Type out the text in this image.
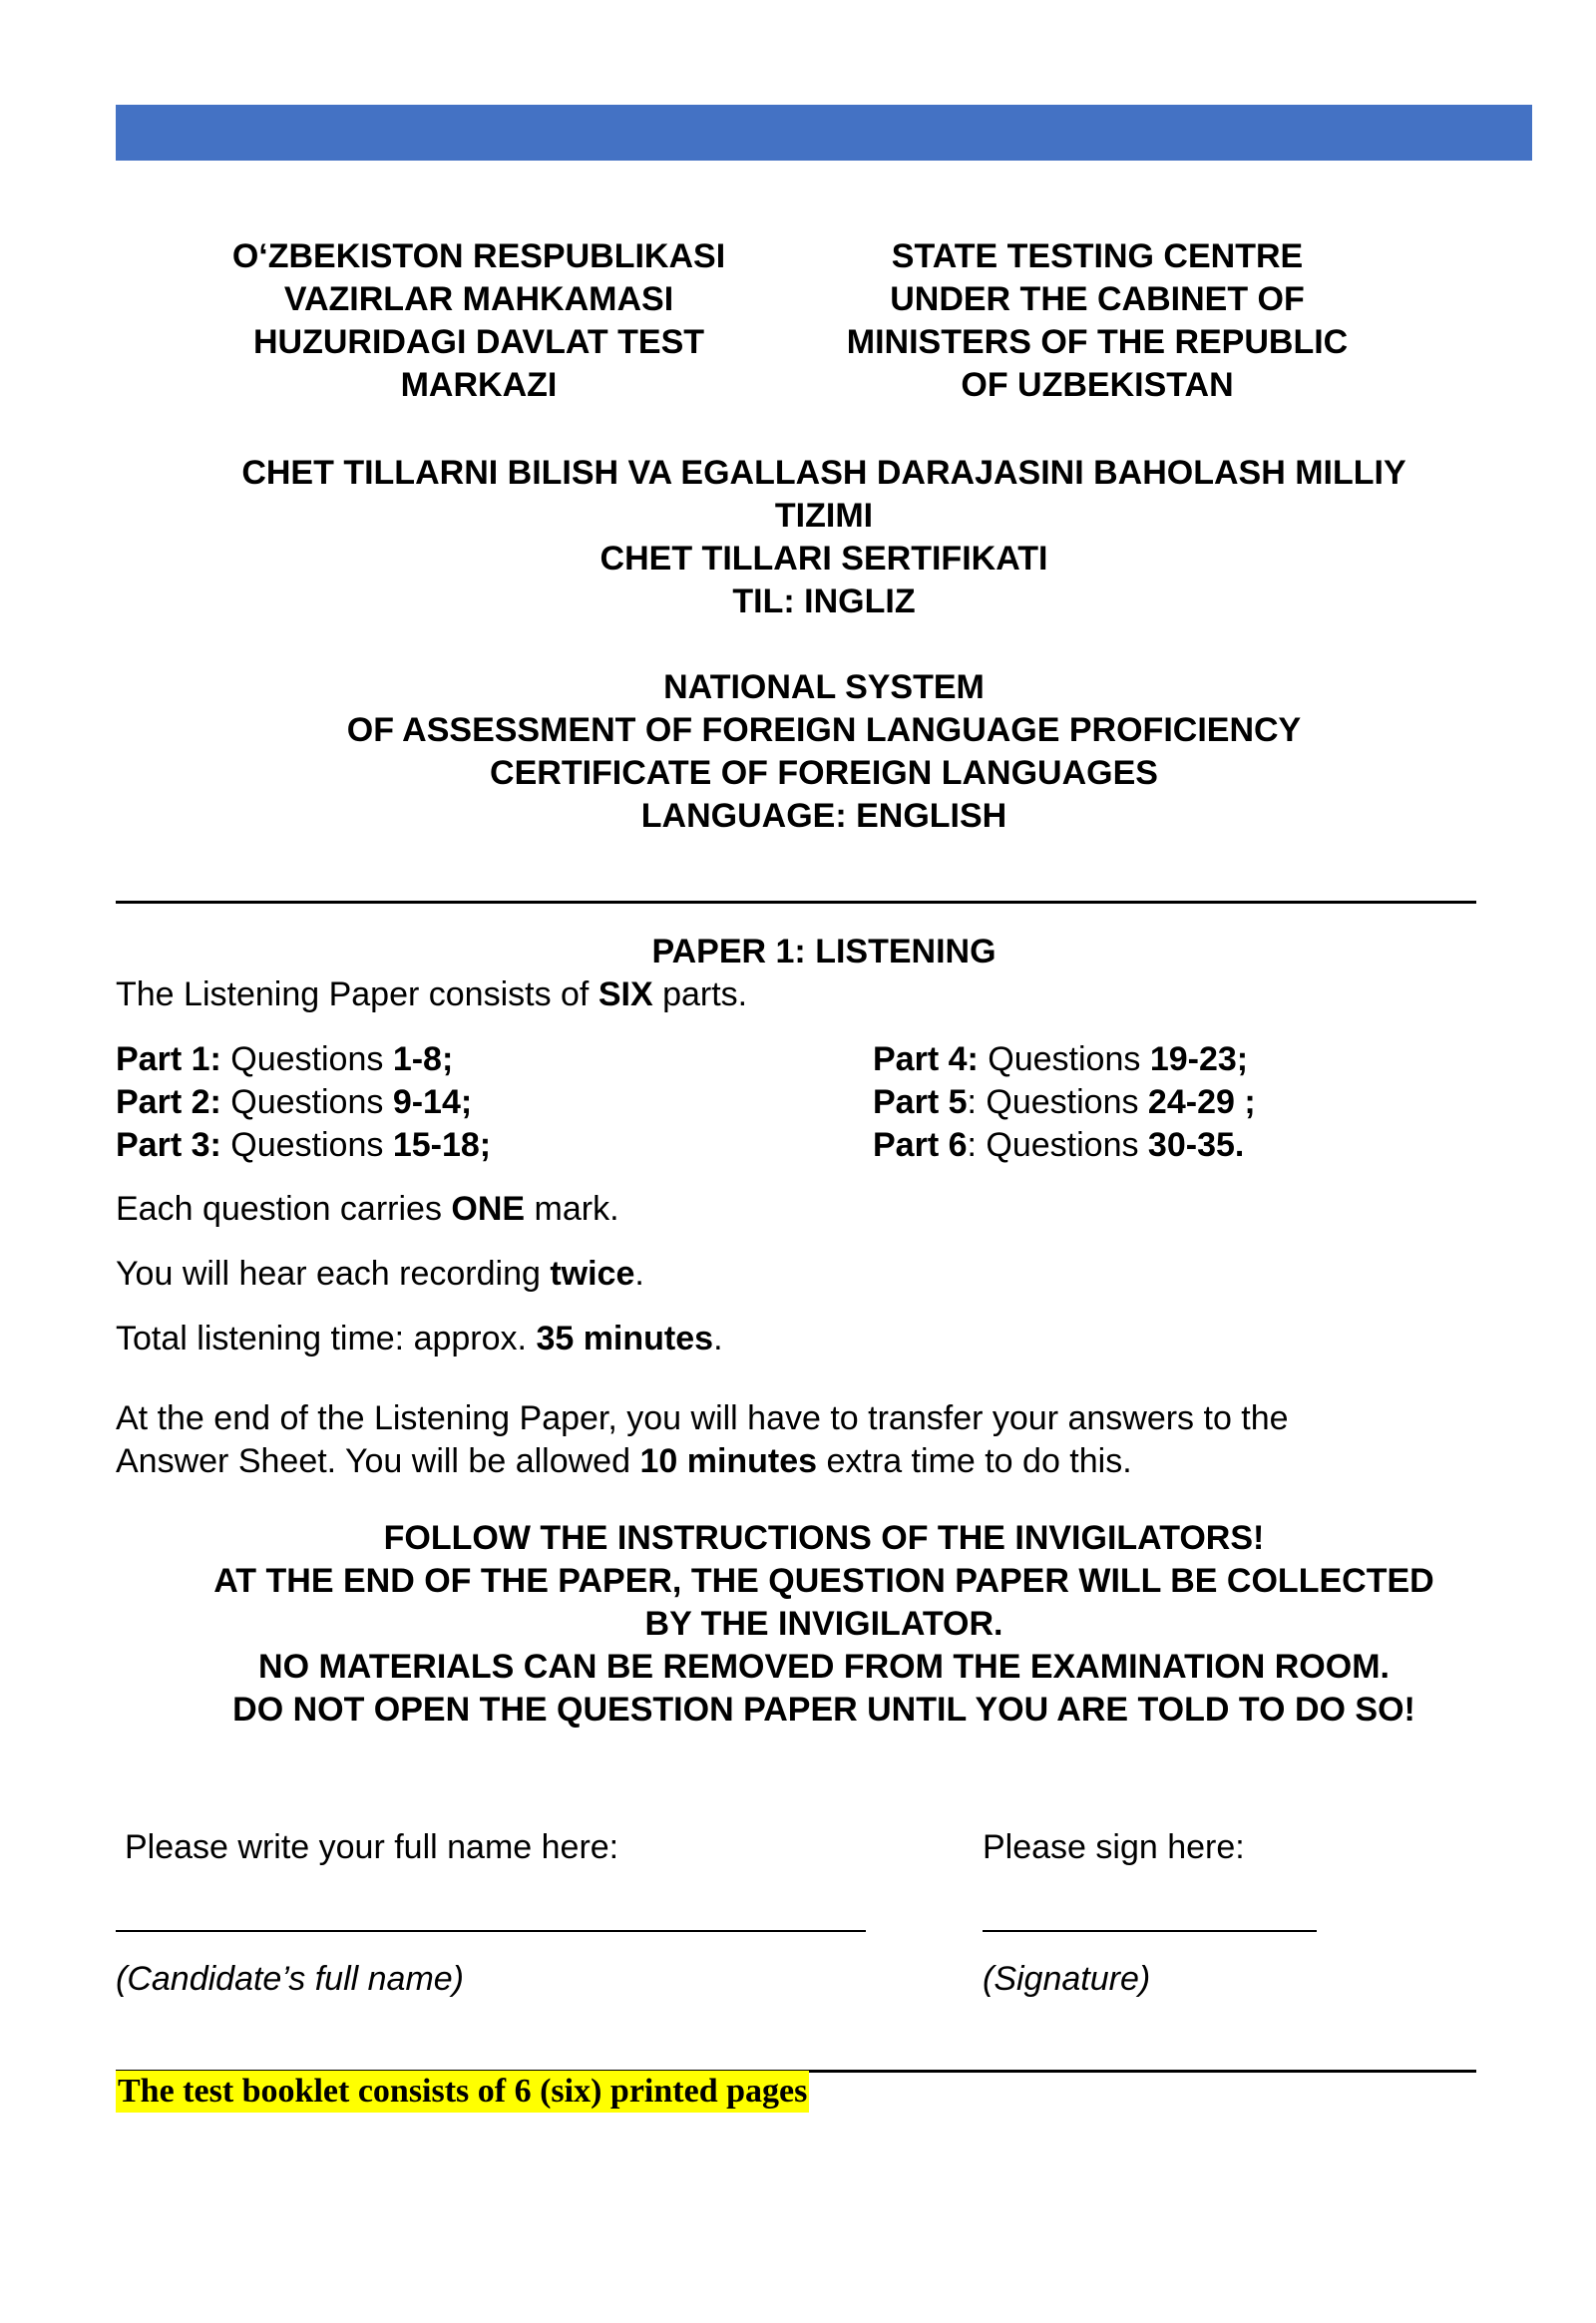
O‘ZBEKISTON RESPUBLIKASI
VAZIRLAR MAHKAMASI
HUZURIDAGI DAVLAT TEST
MARKAZI
STATE TESTING CENTRE
UNDER THE CABINET OF
MINISTERS OF THE REPUBLIC
OF UZBEKISTAN
CHET TILLARNI BILISH VA EGALLASH DARAJASINI BAHOLASH MILLIY
TIZIMI
CHET TILLARI SERTIFIKATI
TIL: INGLIZ
NATIONAL SYSTEM
OF ASSESSMENT OF FOREIGN LANGUAGE PROFICIENCY
CERTIFICATE OF FOREIGN LANGUAGES
LANGUAGE: ENGLISH
PAPER 1: LISTENING
The Listening Paper consists of SIX parts.
Part 1: Questions 1-8;
Part 2: Questions 9-14;
Part 3: Questions 15-18;
Part 4: Questions 19-23;
Part 5: Questions 24-29 ;
Part 6: Questions 30-35.
Each question carries ONE mark.
You will hear each recording twice.
Total listening time: approx. 35 minutes.
At the end of the Listening Paper, you will have to transfer your answers to the
Answer Sheet. You will be allowed 10 minutes extra time to do this.
FOLLOW THE INSTRUCTIONS OF THE INVIGILATORS!
AT THE END OF THE PAPER, THE QUESTION PAPER WILL BE COLLECTED
BY THE INVIGILATOR.
NO MATERIALS CAN BE REMOVED FROM THE EXAMINATION ROOM.
DO NOT OPEN THE QUESTION PAPER UNTIL YOU ARE TOLD TO DO SO!
Please write your full name here:	Please sign here:
(Candidate’s full name)	(Signature)
The test booklet consists of 6 (six) printed pages
